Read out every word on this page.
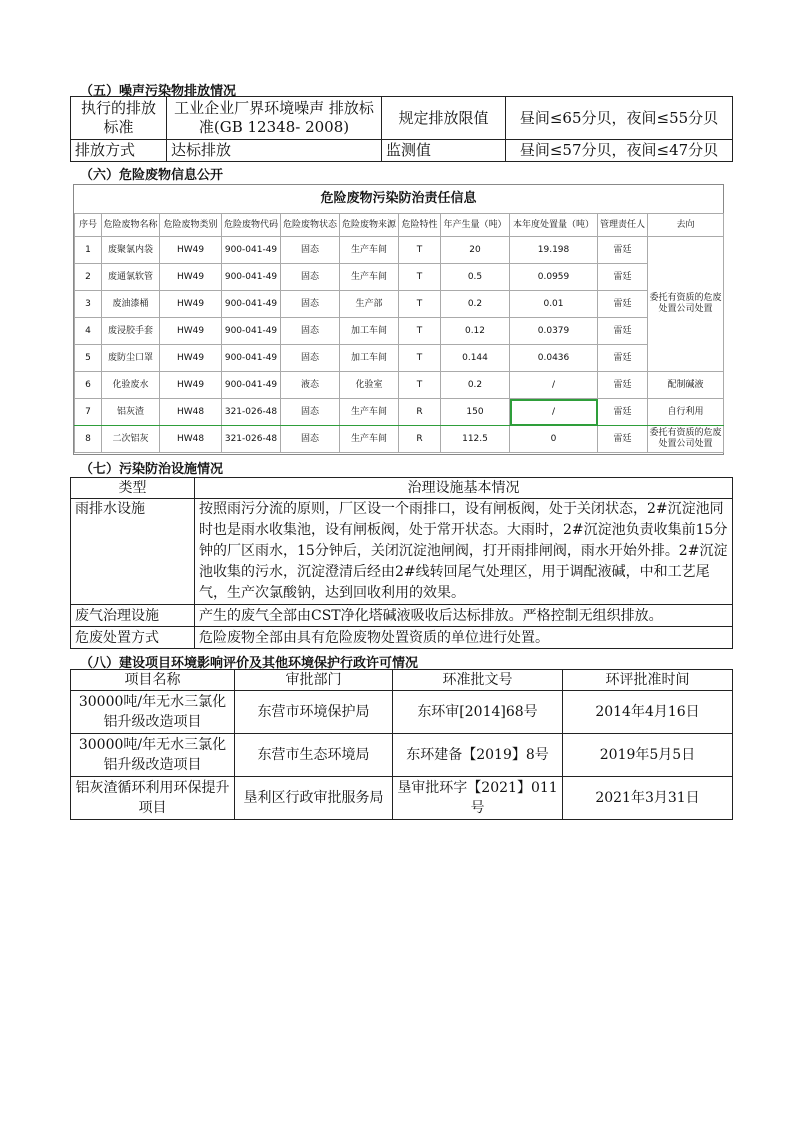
（五）噪声污染物排放情况
执行的排放标准	工业企业厂界环境噪声 排放标准(GB 12348- 2008)	规定排放限值	昼间≤65分贝，夜间≤55分贝
排放方式	达标排放	监测值	昼间≤57分贝，夜间≤47分贝
（六）危险废物信息公开
危险废物污染防治责任信息
序号	危险废物名称	危险废物类别	危险废物代码	危险废物状态	危险废物来源	危险特性	年产生量（吨）	本年度处置量（吨）	管理责任人	去向
1	废聚氯内袋	HW49	900-041-49	固态	生产车间	T	20	19.198	雷廷	委托有资质的危废处置公司处置
2	废通氯软管	HW49	900-041-49	固态	生产车间	T	0.5	0.0959	雷廷	
3	废油漆桶	HW49	900-041-49	固态	生产部	T	0.2	0.01	雷廷	
4	废浸胶手套	HW49	900-041-49	固态	加工车间	T	0.12	0.0379	雷廷	
5	废防尘口罩	HW49	900-041-49	固态	加工车间	T	0.144	0.0436	雷廷	
6	化验废水	HW49	900-041-49	液态	化验室	T	0.2	/	雷廷	配制碱液
7	铝灰渣	HW48	321-026-48	固态	生产车间	R	150	/	雷廷	自行利用
8	二次铝灰	HW48	321-026-48	固态	生产车间	R	112.5	0	雷廷	委托有资质的危废处置公司处置
（七）污染防治设施情况
类型	治理设施基本情况
雨排水设施	按照雨污分流的原则，厂区设一个雨排口，设有闸板阀，处于关闭状态，2#沉淀池同时也是雨水收集池，设有闸板阀，处于常开状态。大雨时，2#沉淀池负责收集前15分钟的厂区雨水，15分钟后，关闭沉淀池闸阀，打开雨排闸阀，雨水开始外排。2#沉淀池收集的污水，沉淀澄清后经由2#线转回尾气处理区，用于调配液碱，中和工艺尾气，生产次氯酸钠，达到回收利用的效果。
废气治理设施	产生的废气全部由CST净化塔碱液吸收后达标排放。严格控制无组织排放。
危废处置方式	危险废物全部由具有危险废物处置资质的单位进行处置。
（八）建设项目环境影响评价及其他环境保护行政许可情况
项目名称	审批部门	环准批文号	环评批准时间
30000吨/年无水三氯化铝升级改造项目	东营市环境保护局	东环审[2014]68号	2014年4月16日
30000吨/年无水三氯化铝升级改造项目	东营市生态环境局	东环建备【2019】8号	2019年5月5日
铝灰渣循环利用环保提升项目	垦利区行政审批服务局	垦审批环字【2021】011号	2021年3月31日
